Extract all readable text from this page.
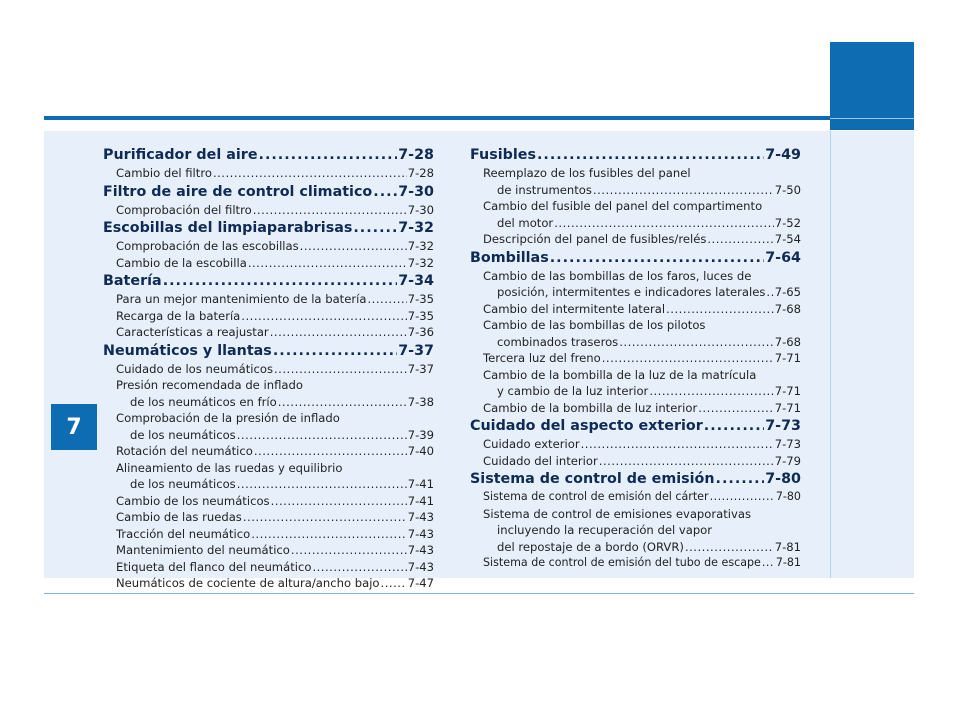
7
Purificador del aire .....	7-28
Cambio del filtro .....	7-28
Filtro de aire de control climatico ..... 7-30
Comprobación del filtro .....	7-30
Escobillas del limpiaparabrisas .....	7-32
Comprobación de las escobillas .....	7-32
Cambio de la escobilla .....	7-32
Batería .....	7-34
Para un mejor mantenimiento de la batería .....	7-35
Recarga de la batería .....	7-35
Características a reajustar .....	7-36
Neumáticos y llantas .....	7-37
Cuidado de los neumáticos .....	7-37
Presión recomendada de inflado
de los neumáticos en frío .....	7-38
Comprobación de la presión de inflado
de los neumáticos .....	7-39
Rotación del neumático .....	7-40
Alineamiento de las ruedas y equilibrio
de los neumáticos .....	7-41
Cambio de los neumáticos .....	7-41
Cambio de las ruedas .....	7-43
Tracción del neumático .....	7-43
Mantenimiento del neumático .....	7-43
Etiqueta del flanco del neumático .....	7-43
Neumáticos de cociente de altura/ancho bajo ..... 7-47
Fusibles .....	7-49
Reemplazo de los fusibles del panel
de instrumentos .....	7-50
Cambio del fusible del panel del compartimento
del motor .....	7-52
Descripción del panel de fusibles/relés .....	7-54
Bombillas .....	7-64
Cambio de las bombillas de los faros, luces de
posición, intermitentes e indicadores laterales ..... 7-65
Cambio del intermitente lateral .....	7-68
Cambio de las bombillas de los pilotos
combinados traseros .....	7-68
Tercera luz del freno .....	7-71
Cambio de la bombilla de la luz de la matrícula
y cambio de la luz interior .....	7-71
Cambio de la bombilla de luz interior .....	7-71
Cuidado del aspecto exterior .....	7-73
Cuidado exterior .....	7-73
Cuidado del interior .....	7-79
Sistema de control de emisión .....	7-80
Sistema de control de emisión del cárter .....	7-80
Sistema de control de emisiones evaporativas
incluyendo la recuperación del vapor
del repostaje de a bordo (ORVR) .....	7-81
Sistema de control de emisión del tubo de escape ..... 7-81
